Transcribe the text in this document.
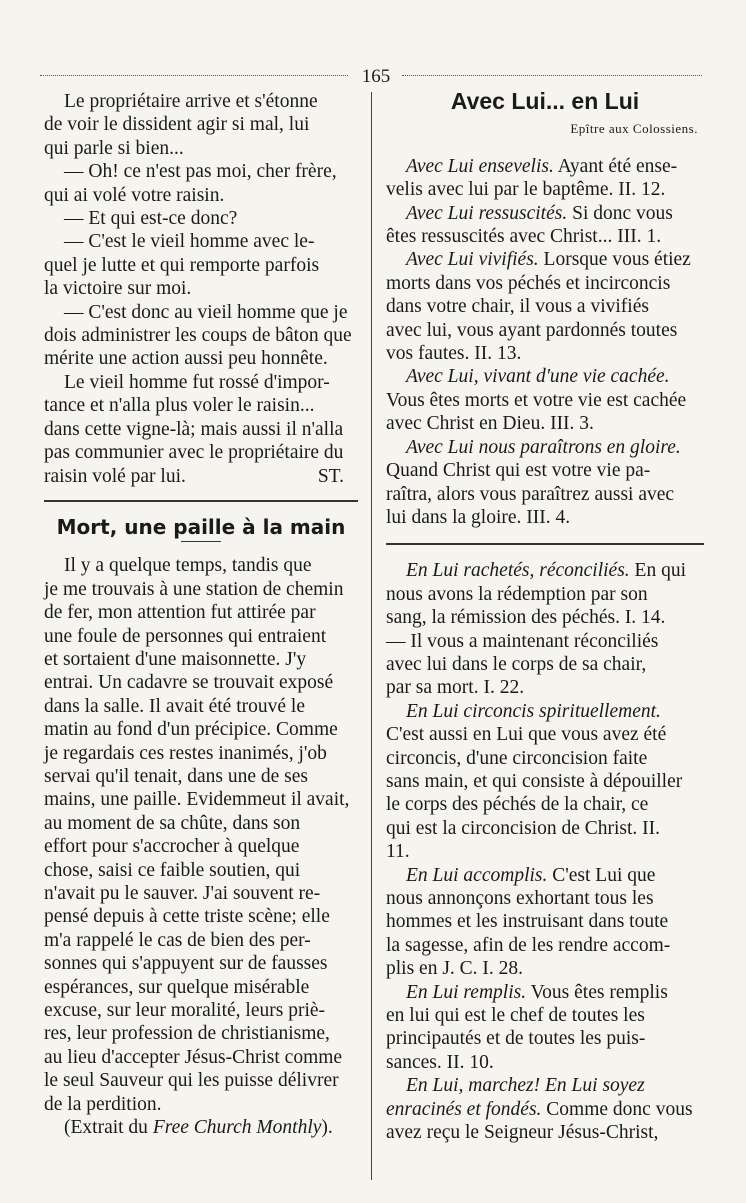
165

Le propriétaire arrive et s'étonne

de voir le dissident agir si mal, lui

qui parle si bien...

— Oh! ce n'est pas moi, cher frère,

qui ai volé votre raisin.

— Et qui est-ce donc?

— C'est le vieil homme avec le-

quel je lutte et qui remporte parfois

la victoire sur moi.

— C'est donc au vieil homme que je

dois administrer les coups de bâton que

mérite une action aussi peu honnête.

Le vieil homme fut rossé d'impor-

tance et n'alla plus voler le raisin...

dans cette vigne-là; mais aussi il n'alla

pas communier avec le propriétaire du

raisin volé par lui.	ST.

Mort, une paille à la main

Il y a quelque temps, tandis que

je me trouvais à une station de chemin

de fer, mon attention fut attirée par

une foule de personnes qui entraient

et sortaient d'une maisonnette. J'y

entrai. Un cadavre se trouvait exposé

dans la salle. Il avait été trouvé le

matin au fond d'un précipice. Comme

je regardais ces restes inanimés, j'ob

servai qu'il tenait, dans une de ses

mains, une paille. Evidemmeut il avait,

au moment de sa chûte, dans son

effort pour s'accrocher à quelque

chose, saisi ce faible soutien, qui

n'avait pu le sauver. J'ai souvent re-

pensé depuis à cette triste scène; elle

m'a rappelé le cas de bien des per-

sonnes qui s'appuyent sur de fausses

espérances, sur quelque misérable

excuse, sur leur moralité, leurs priè-

res, leur profession de christianisme,

au lieu d'accepter Jésus-Christ comme

le seul Sauveur qui les puisse délivrer

de la perdition.

(Extrait du Free Church Monthly).

Avec Lui... en Lui
Epître aux Colossiens.

Avec Lui ensevelis. Ayant été ense-

velis avec lui par le baptême. II. 12.

Avec Lui ressuscités. Si donc vous

êtes ressuscités avec Christ... III. 1.

Avec Lui vivifiés. Lorsque vous étiez

morts dans vos péchés et incirconcis

dans votre chair, il vous a vivifiés

avec lui, vous ayant pardonnés toutes

vos fautes. II. 13.

Avec Lui, vivant d'une vie cachée.

Vous êtes morts et votre vie est cachée

avec Christ en Dieu. III. 3.

Avec Lui nous paraîtrons en gloire.

Quand Christ qui est votre vie pa-

raîtra, alors vous paraîtrez aussi avec

lui dans la gloire. III. 4.

En Lui rachetés, réconciliés. En qui

nous avons la rédemption par son

sang, la rémission des péchés. I. 14.

— Il vous a maintenant réconciliés

avec lui dans le corps de sa chair,

par sa mort. I. 22.

En Lui circoncis spirituellement.

C'est aussi en Lui que vous avez été

circoncis, d'une circoncision faite

sans main, et qui consiste à dépouiller

le corps des péchés de la chair, ce

qui est la circoncision de Christ. II.

11.

En Lui accomplis. C'est Lui que

nous annonçons exhortant tous les

hommes et les instruisant dans toute

la sagesse, afin de les rendre accom-

plis en J. C. I. 28.

En Lui remplis. Vous êtes remplis

en lui qui est le chef de toutes les

principautés et de toutes les puis-

sances. II. 10.

En Lui, marchez! En Lui soyez

enracinés et fondés. Comme donc vous

avez reçu le Seigneur Jésus-Christ,
